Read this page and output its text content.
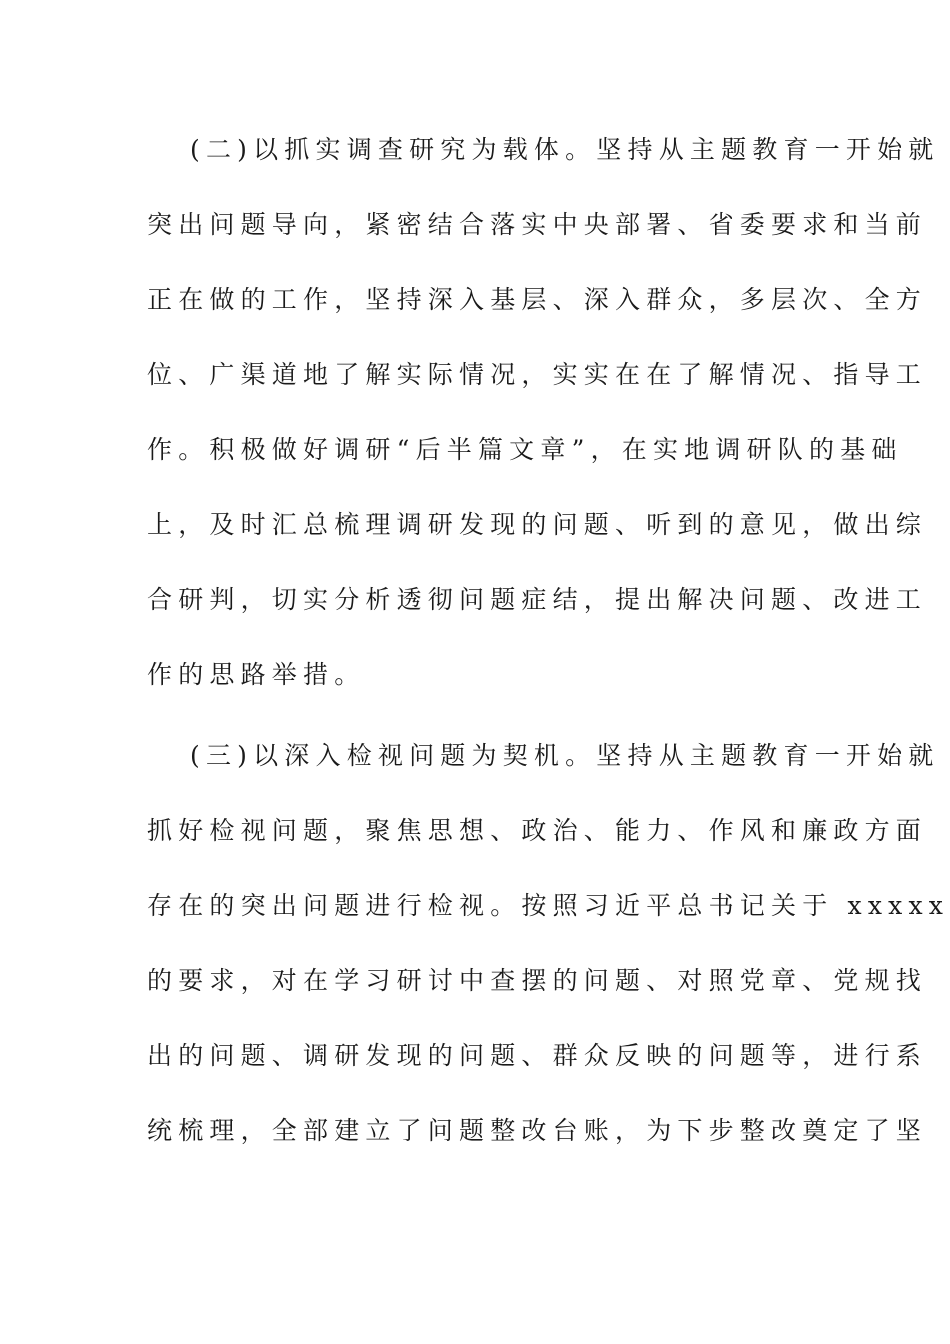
(二)以抓实调查研究为载体。坚持从主题教育一开始就
突出问题导向，紧密结合落实中央部署、省委要求和当前
正在做的工作，坚持深入基层、深入群众，多层次、全方
位、广渠道地了解实际情况，实实在在了解情况、指导工
作。积极做好调研“后半篇文章”，在实地调研队的基础
上，及时汇总梳理调研发现的问题、听到的意见，做出综
合研判，切实分析透彻问题症结，提出解决问题、改进工
作的思路举措。
(三)以深入检视问题为契机。坚持从主题教育一开始就
抓好检视问题，聚焦思想、政治、能力、作风和廉政方面
存在的突出问题进行检视。按照习近平总书记关于 xxxxx
的要求，对在学习研讨中查摆的问题、对照党章、党规找
出的问题、调研发现的问题、群众反映的问题等，进行系
统梳理，全部建立了问题整改台账，为下步整改奠定了坚
